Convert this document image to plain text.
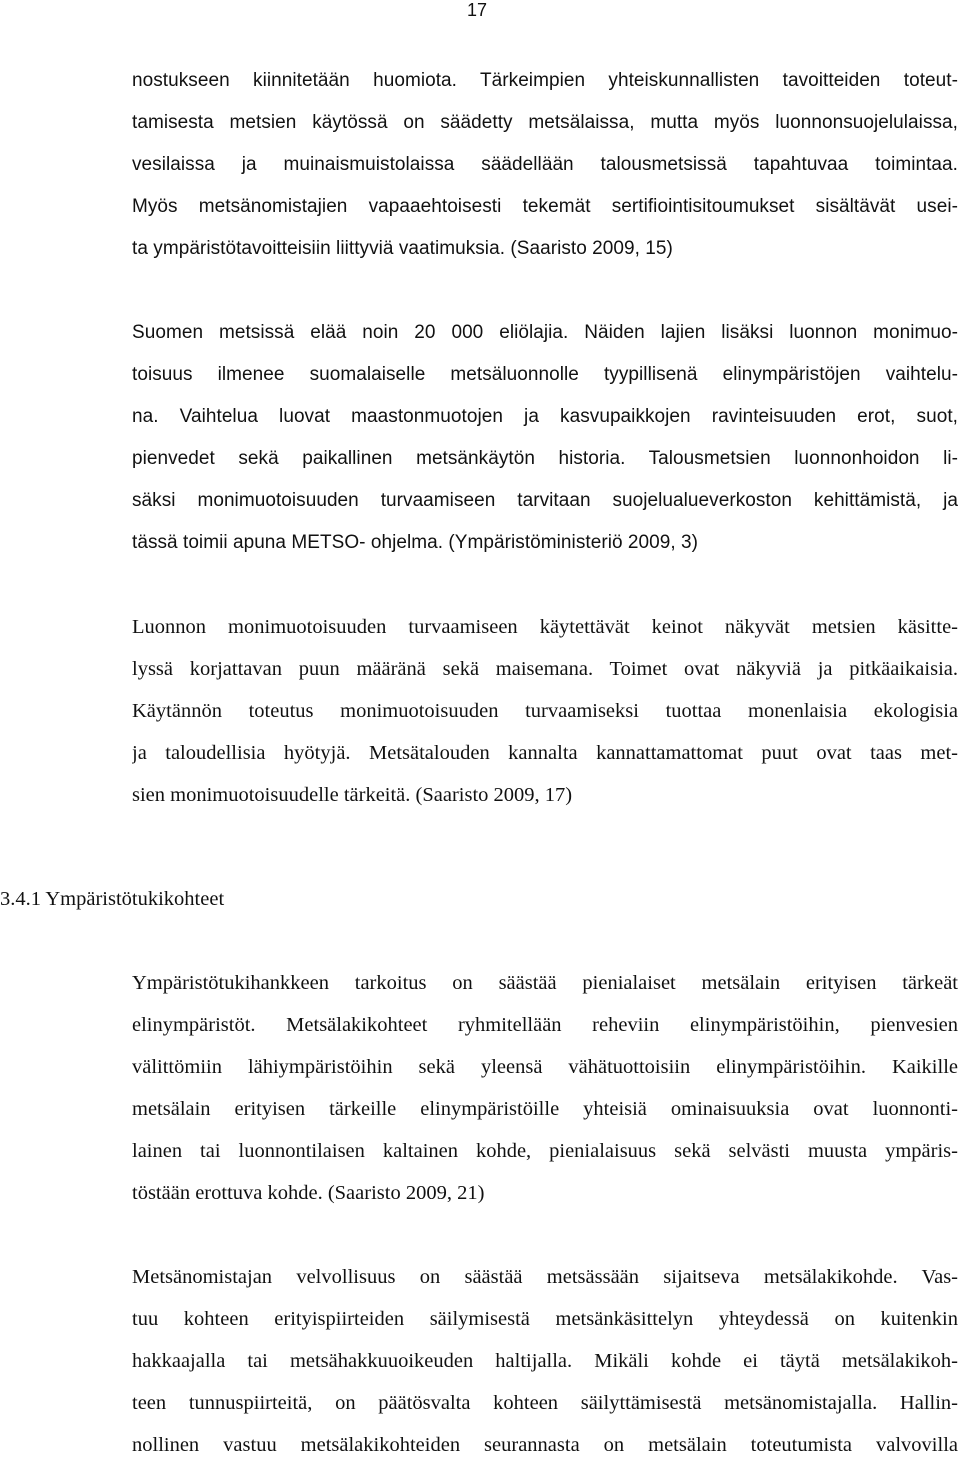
17
nostukseen kiinnitetään huomiota. Tärkeimpien yhteiskunnallisten tavoitteiden toteut-
tamisesta metsien käytössä on säädetty metsälaissa, mutta myös luonnonsuojelulaissa,
vesilaissa ja muinaismuistolaissa säädellään talousmetsissä tapahtuvaa toimintaa.
Myös metsänomistajien vapaaehtoisesti tekemät sertifiointisitoumukset sisältävät usei-
ta ympäristötavoitteisiin liittyviä vaatimuksia. (Saaristo 2009, 15)
Suomen metsissä elää noin 20 000 eliölajia. Näiden lajien lisäksi luonnon monimuo-
toisuus ilmenee suomalaiselle metsäluonnolle tyypillisenä elinympäristöjen vaihtelu-
na. Vaihtelua luovat maastonmuotojen ja kasvupaikkojen ravinteisuuden erot, suot,
pienvedet sekä paikallinen metsänkäytön historia. Talousmetsien luonnonhoidon li-
säksi monimuotoisuuden turvaamiseen tarvitaan suojelualueverkoston kehittämistä, ja
tässä toimii apuna METSO- ohjelma. (Ympäristöministeriö 2009, 3)
Luonnon monimuotoisuuden turvaamiseen käytettävät keinot näkyvät metsien käsitte-
lyssä korjattavan puun määränä sekä maisemana. Toimet ovat näkyviä ja pitkäaikaisia.
Käytännön toteutus monimuotoisuuden turvaamiseksi tuottaa monenlaisia ekologisia
ja taloudellisia hyötyjä. Metsätalouden kannalta kannattamattomat puut ovat taas met-
sien monimuotoisuudelle tärkeitä. (Saaristo 2009, 17)
3.4.1 Ympäristötukikohteet
Ympäristötukihankkeen tarkoitus on säästää pienialaiset metsälain erityisen tärkeät
elinympäristöt. Metsälakikohteet ryhmitellään reheviin elinympäristöihin, pienvesien
välittömiin lähiympäristöihin sekä yleensä vähätuottoisiin elinympäristöihin. Kaikille
metsälain erityisen tärkeille elinympäristöille yhteisiä ominaisuuksia ovat luonnonti-
lainen tai luonnontilaisen kaltainen kohde, pienialaisuus sekä selvästi muusta ympäris-
töstään erottuva kohde. (Saaristo 2009, 21)
Metsänomistajan velvollisuus on säästää metsässään sijaitseva metsälakikohde. Vas-
tuu kohteen erityispiirteiden säilymisestä metsänkäsittelyn yhteydessä on kuitenkin
hakkaajalla tai metsähakkuuoikeuden haltijalla. Mikäli kohde ei täytä metsälakikoh-
teen tunnuspiirteitä, on päätösvalta kohteen säilyttämisestä metsänomistajalla. Hallin-
nollinen vastuu metsälakikohteiden seurannasta on metsälain toteutumista valvovilla
